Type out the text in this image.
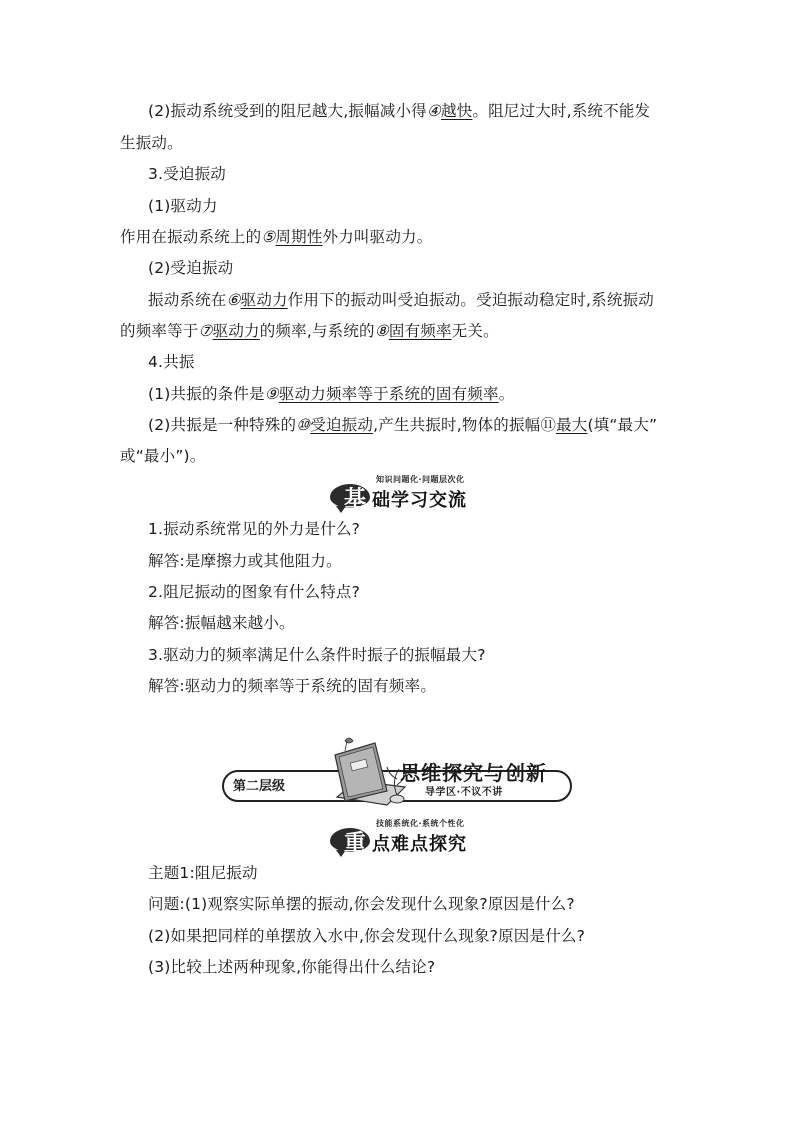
(2)振动系统受到的阻尼越大,振幅减小得④越快。阻尼过大时,系统不能发
生振动。
3.受迫振动
(1)驱动力
作用在振动系统上的⑤周期性外力叫驱动力。
(2)受迫振动
振动系统在⑥驱动力作用下的振动叫受迫振动。受迫振动稳定时,系统振动
的频率等于⑦驱动力的频率,与系统的⑧固有频率无关。
4.共振
(1)共振的条件是⑨驱动力频率等于系统的固有频率。
(2)共振是一种特殊的⑩受迫振动,产生共振时,物体的振幅⑪最大(填“最大”
或“最小”)。
1.振动系统常见的外力是什么?
解答:是摩擦力或其他阻力。
2.阻尼振动的图象有什么特点?
解答:振幅越来越小。
3.驱动力的频率满足什么条件时振子的振幅最大?
解答:驱动力的频率等于系统的固有频率。
主题1:阻尼振动
问题:(1)观察实际单摆的振动,你会发现什么现象?原因是什么?
(2)如果把同样的单摆放入水中,你会发现什么现象?原因是什么?
(3)比较上述两种现象,你能得出什么结论?
知识问题化·问题层次化
基 础学习交流
第二层级
思维探究与创新
导学区·不议不讲
技能系统化·系统个性化
重 点难点探究
